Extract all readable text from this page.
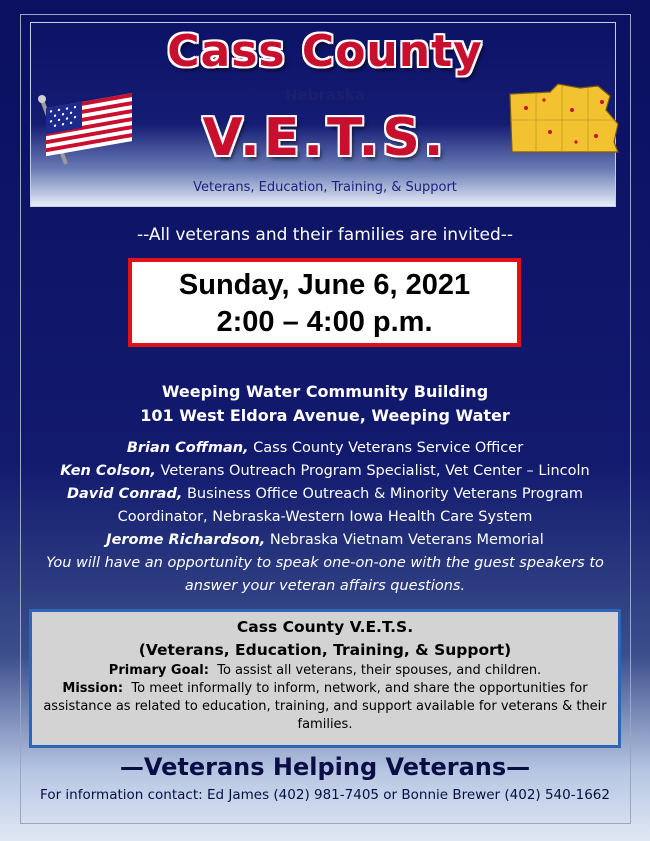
Cass County
Nebraska
V.E.T.S.
Veterans, Education, Training, & Support
--All veterans and their families are invited--
Sunday, June 6, 2021
2:00 – 4:00 p.m.
Weeping Water Community Building
101 West Eldora Avenue, Weeping Water
Brian Coffman, Cass County Veterans Service Officer
Ken Colson, Veterans Outreach Program Specialist, Vet Center – Lincoln
David Conrad, Business Office Outreach & Minority Veterans Program Coordinator, Nebraska-Western Iowa Health Care System
Jerome Richardson, Nebraska Vietnam Veterans Memorial
You will have an opportunity to speak one-on-one with the guest speakers to answer your veteran affairs questions.
Cass County V.E.T.S.
(Veterans, Education, Training, & Support)
Primary Goal: To assist all veterans, their spouses, and children.
Mission: To meet informally to inform, network, and share the opportunities for assistance as related to education, training, and support available for veterans & their families.
—Veterans Helping Veterans—
For information contact: Ed James (402) 981-7405 or Bonnie Brewer (402) 540-1662
